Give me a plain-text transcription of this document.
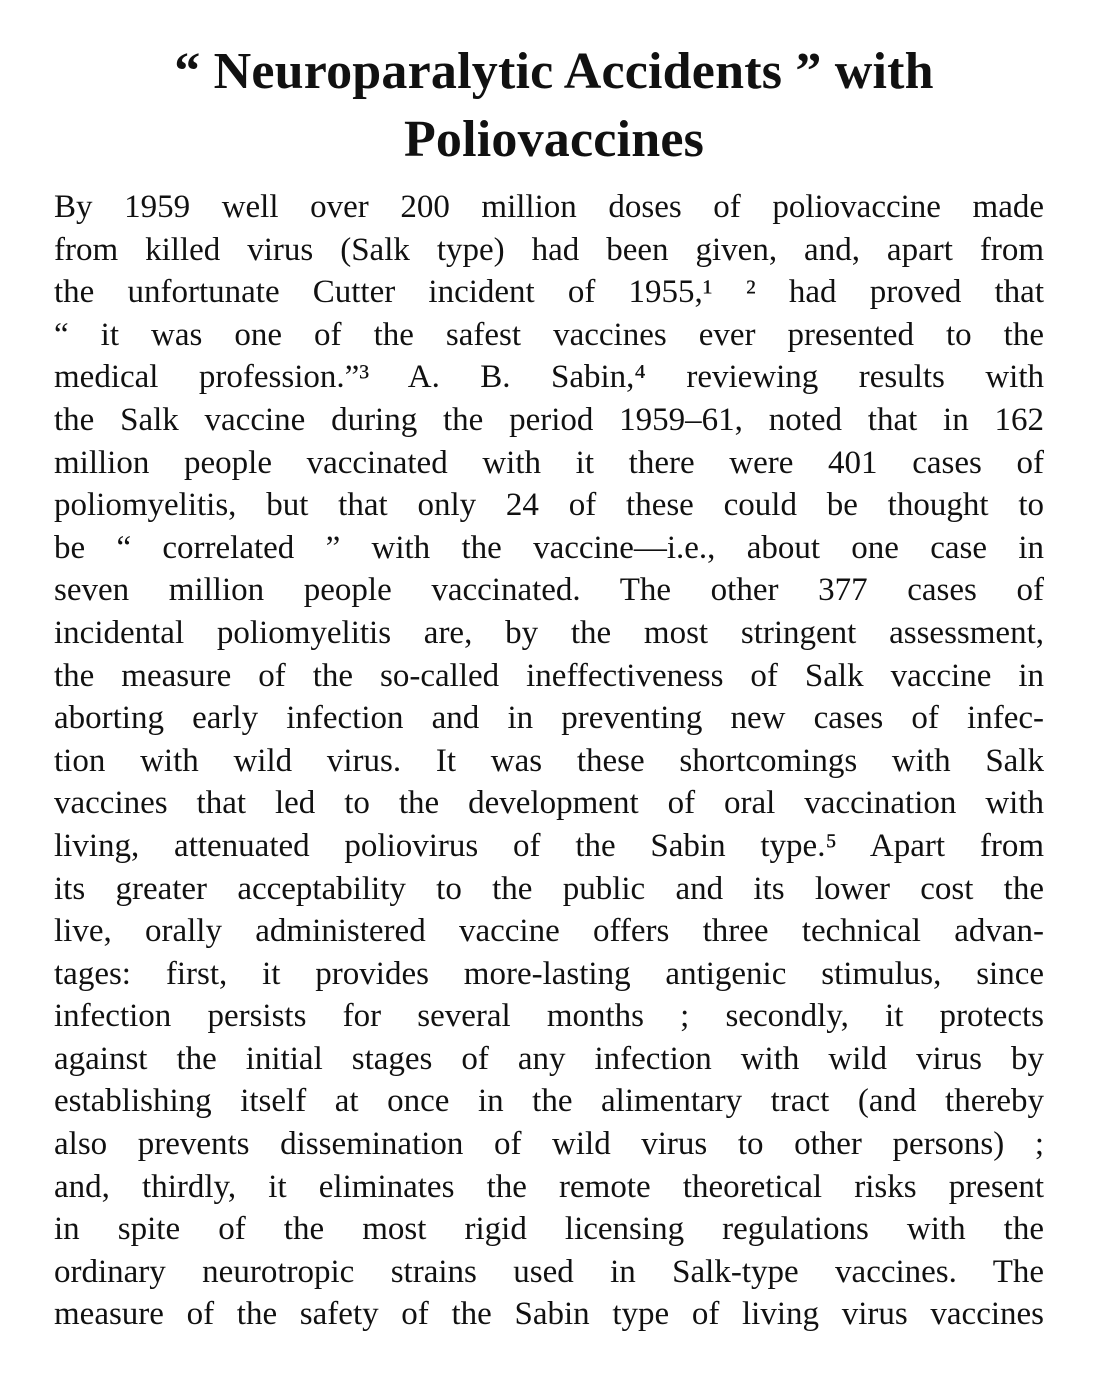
“ Neuroparalytic Accidents ” with
Poliovaccines
By 1959 well over 200 million doses of poliovaccine made
from killed virus (Salk type) had been given, and, apart from
the unfortunate Cutter incident of 1955,¹ ² had proved that
“ it was one of the safest vaccines ever presented to the
medical profession.”³ A. B. Sabin,⁴ reviewing results with
the Salk vaccine during the period 1959–61, noted that in 162
million people vaccinated with it there were 401 cases of
poliomyelitis, but that only 24 of these could be thought to
be “ correlated ” with the vaccine—i.e., about one case in
seven million people vaccinated. The other 377 cases of
incidental poliomyelitis are, by the most stringent assessment,
the measure of the so-called ineffectiveness of Salk vaccine in
aborting early infection and in preventing new cases of infec-
tion with wild virus. It was these shortcomings with Salk
vaccines that led to the development of oral vaccination with
living, attenuated poliovirus of the Sabin type.⁵ Apart from
its greater acceptability to the public and its lower cost the
live, orally administered vaccine offers three technical advan-
tages: first, it provides more-lasting antigenic stimulus, since
infection persists for several months ; secondly, it protects
against the initial stages of any infection with wild virus by
establishing itself at once in the alimentary tract (and thereby
also prevents dissemination of wild virus to other persons) ;
and, thirdly, it eliminates the remote theoretical risks present
in spite of the most rigid licensing regulations with the
ordinary neurotropic strains used in Salk-type vaccines. The
measure of the safety of the Sabin type of living virus vaccines
